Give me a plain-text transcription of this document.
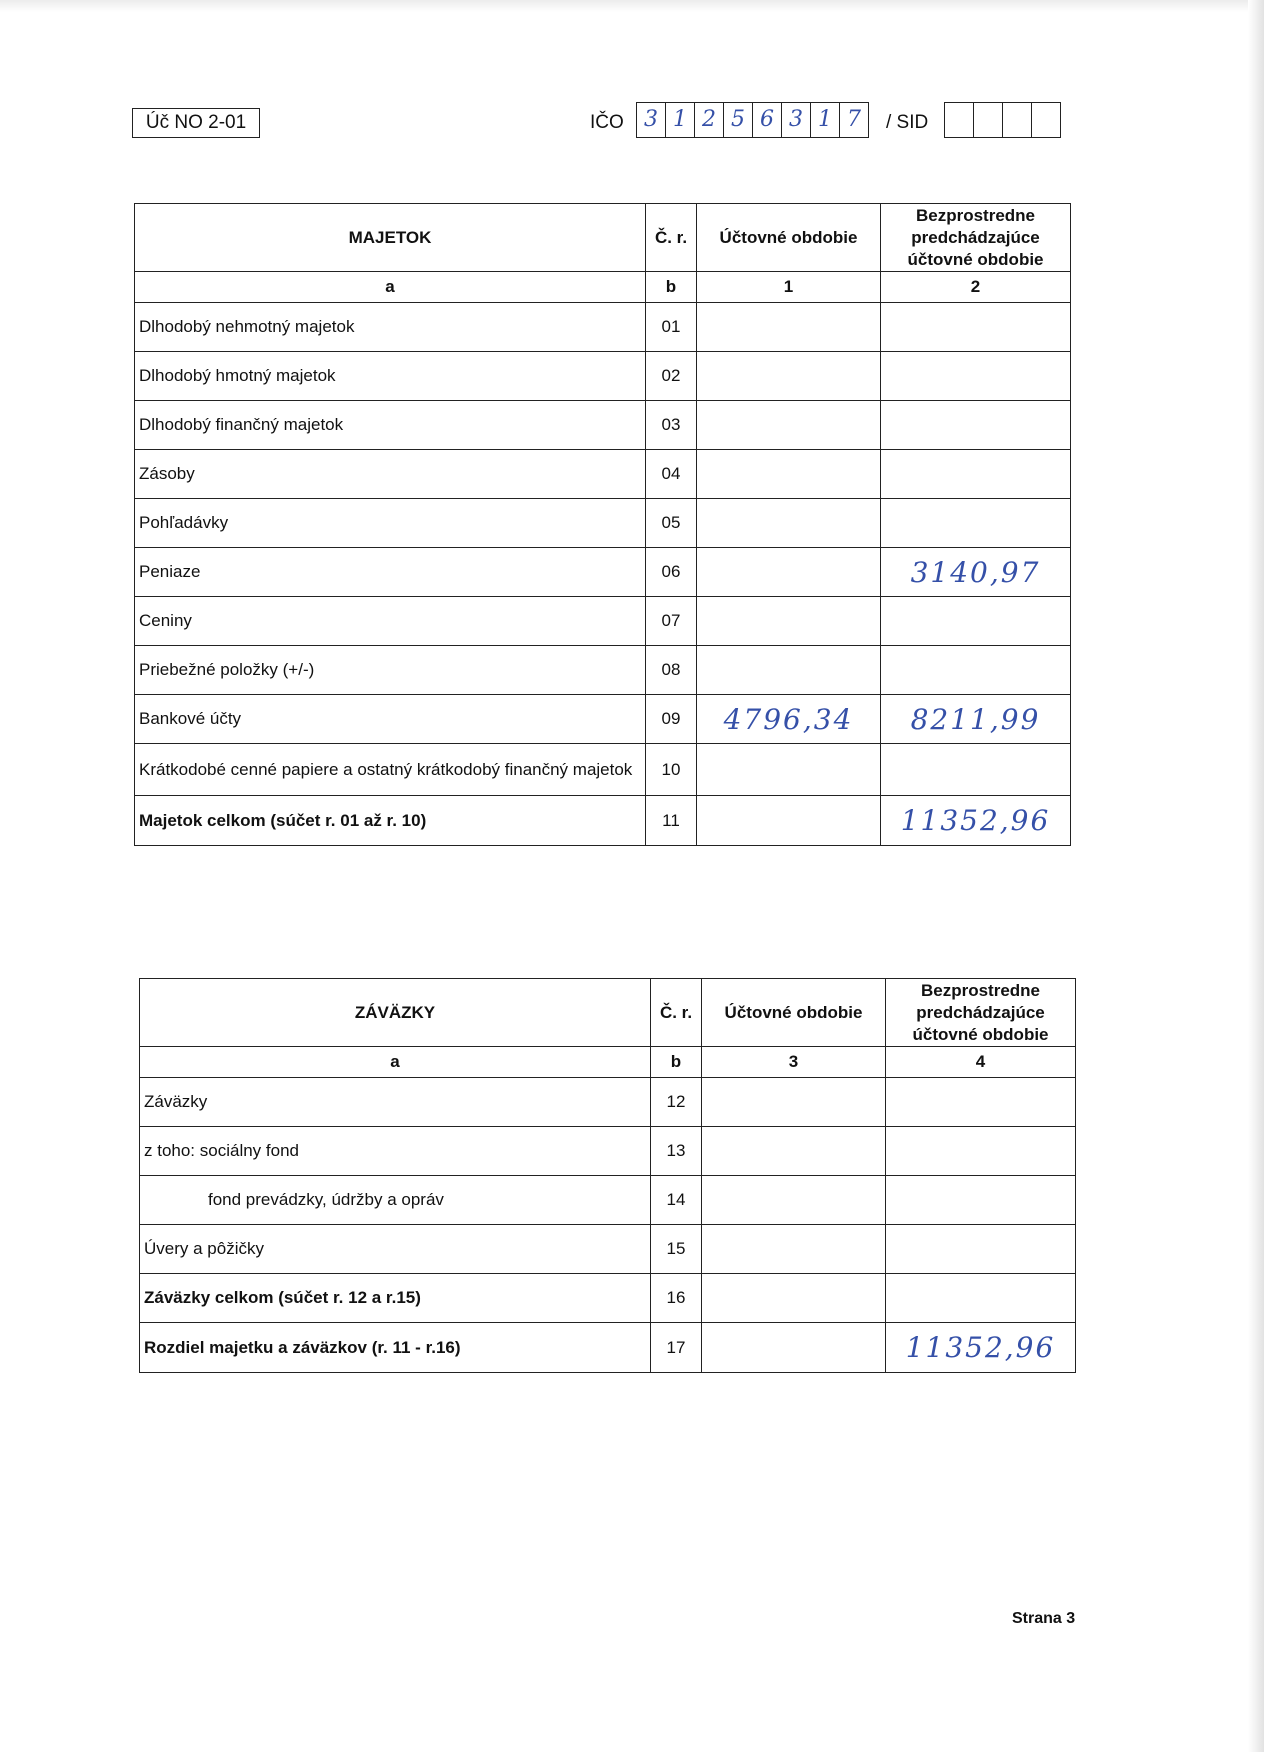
Úč NO 2-01	IČO 3 1 2 5 6 3 1 7	/ SID
MAJETOK	Č. r.	Účtovné obdobie	Bezprostredne predchádzajúce účtovné obdobie
a	b	1	2
Dlhodobý nehmotný majetok	01		
Dlhodobý hmotný majetok	02		
Dlhodobý finančný majetok	03		
Zásoby	04		
Pohľadávky	05		
Peniaze	06		3140,97
Ceniny	07		
Priebežné položky (+/-)	08		
Bankové účty	09	4796,34	8211,99
Krátkodobé cenné papiere a ostatný krátkodobý finančný majetok	10		
Majetok celkom (súčet r. 01 až r. 10)	11		11352,96
ZÁVÄZKY	Č. r.	Účtovné obdobie	Bezprostredne predchádzajúce účtovné obdobie
a	b	3	4
Záväzky	12		
z toho: sociálny fond	13		
fond prevádzky, údržby a opráv	14		
Úvery a pôžičky	15		
Záväzky celkom (súčet r. 12 a r.15)	16		
Rozdiel majetku a záväzkov (r. 11 - r.16)	17		11352,96
Strana 3
